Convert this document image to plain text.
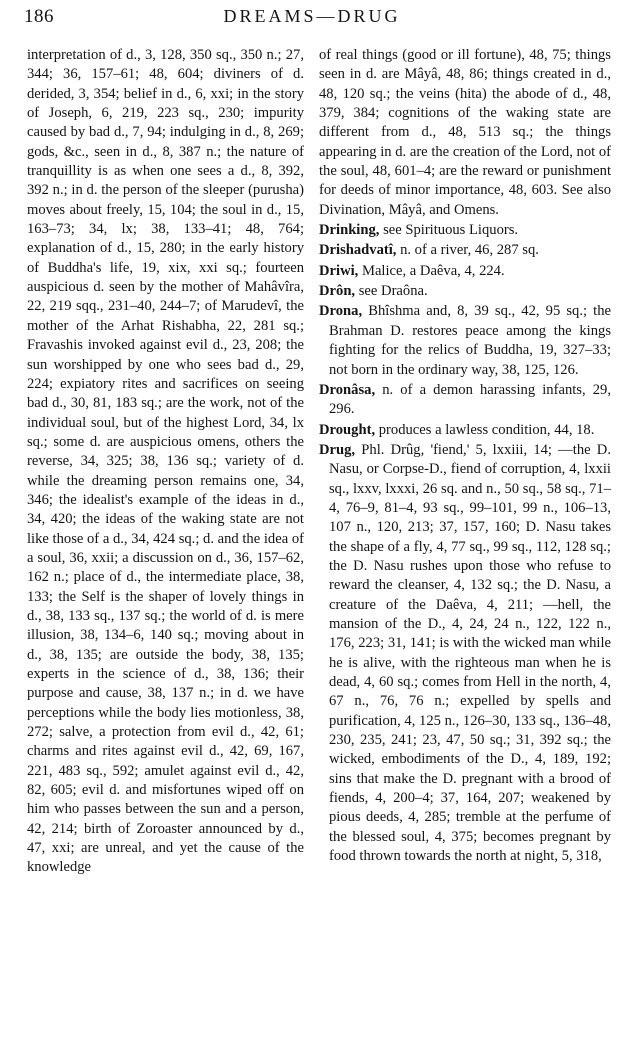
186	DREAMS—DRUG

interpretation of d., 3, 128, 350 sq., 350 n.; 27, 344; 36, 157–61; 48, 604; diviners of d. derided, 3, 354; belief in d., 6, xxi; in the story of Joseph, 6, 219, 223 sq., 230; impurity caused by bad d., 7, 94; indulging in d., 8, 269; gods, &c., seen in d., 8, 387 n.; the nature of tranquillity is as when one sees a d., 8, 392, 392 n.; in d. the person of the sleeper (purusha) moves about freely, 15, 104; the soul in d., 15, 163–73; 34, lx; 38, 133–41; 48, 764; explanation of d., 15, 280; in the early history of Buddha's life, 19, xix, xxi sq.; fourteen auspicious d. seen by the mother of Mahâvîra, 22, 219 sqq., 231–40, 244–7; of Marudevî, the mother of the Arhat Rishabha, 22, 281 sq.; Fravashis invoked against evil d., 23, 208; the sun worshipped by one who sees bad d., 29, 224; expiatory rites and sacrifices on seeing bad d., 30, 81, 183 sq.; are the work, not of the individual soul, but of the highest Lord, 34, lx sq.; some d. are auspicious omens, others the reverse, 34, 325; 38, 136 sq.; variety of d. while the dreaming person remains one, 34, 346; the idealist's example of the ideas in d., 34, 420; the ideas of the waking state are not like those of a d., 34, 424 sq.; d. and the idea of a soul, 36, xxii; a discussion on d., 36, 157–62, 162 n.; place of d., the intermediate place, 38, 133; the Self is the shaper of lovely things in d., 38, 133 sq., 137 sq.; the world of d. is mere illusion, 38, 134–6, 140 sq.; moving about in d., 38, 135; are outside the body, 38, 135; experts in the science of d., 38, 136; their purpose and cause, 38, 137 n.; in d. we have perceptions while the body lies motionless, 38, 272; salve, a protection from evil d., 42, 61; charms and rites against evil d., 42, 69, 167, 221, 483 sq., 592; amulet against evil d., 42, 82, 605; evil d. and misfortunes wiped off on him who passes between the sun and a person, 42, 214; birth of Zoroaster announced by d., 47, xxi; are unreal, and yet the cause of the knowledge

of real things (good or ill fortune), 48, 75; things seen in d. are Mâyâ, 48, 86; things created in d., 48, 120 sq.; the veins (hita) the abode of d., 48, 379, 384; cognitions of the waking state are different from d., 48, 513 sq.; the things appearing in d. are the creation of the Lord, not of the soul, 48, 601–4; are the reward or punishment for deeds of minor importance, 48, 603. See also Divination, Mâyâ, and Omens.

Drinking, see Spirituous Liquors.

Drishadvatî, n. of a river, 46, 287 sq.

Driwi, Malice, a Daêva, 4, 224.

Drôn, see Draôna.

Drona, Bhîshma and, 8, 39 sq., 42, 95 sq.; the Brahman D. restores peace among the kings fighting for the relics of Buddha, 19, 327–33; not born in the ordinary way, 38, 125, 126.

Dronâsa, n. of a demon harassing infants, 29, 296.

Drought, produces a lawless condition, 44, 18.

Drug, Phl. Drûg, 'fiend,' 5, lxxiii, 14; —the D. Nasu, or Corpse-D., fiend of corruption, 4, lxxii sq., lxxv, lxxxi, 26 sq. and n., 50 sq., 58 sq., 71–4, 76–9, 81–4, 93 sq., 99–101, 99 n., 106–13, 107 n., 120, 213; 37, 157, 160; D. Nasu takes the shape of a fly, 4, 77 sq., 99 sq., 112, 128 sq.; the D. Nasu rushes upon those who refuse to reward the cleanser, 4, 132 sq.; the D. Nasu, a creature of the Daêva, 4, 211; —hell, the mansion of the D., 4, 24, 24 n., 122, 122 n., 176, 223; 31, 141; is with the wicked man while he is alive, with the righteous man when he is dead, 4, 60 sq.; comes from Hell in the north, 4, 67 n., 76, 76 n.; expelled by spells and purification, 4, 125 n., 126–30, 133 sq., 136–48, 230, 235, 241; 23, 47, 50 sq.; 31, 392 sq.; the wicked, embodiments of the D., 4, 189, 192; sins that make the D. pregnant with a brood of fiends, 4, 200–4; 37, 164, 207; weakened by pious deeds, 4, 285; tremble at the perfume of the blessed soul, 4, 375; becomes pregnant by food thrown towards the north at night, 5, 318,
